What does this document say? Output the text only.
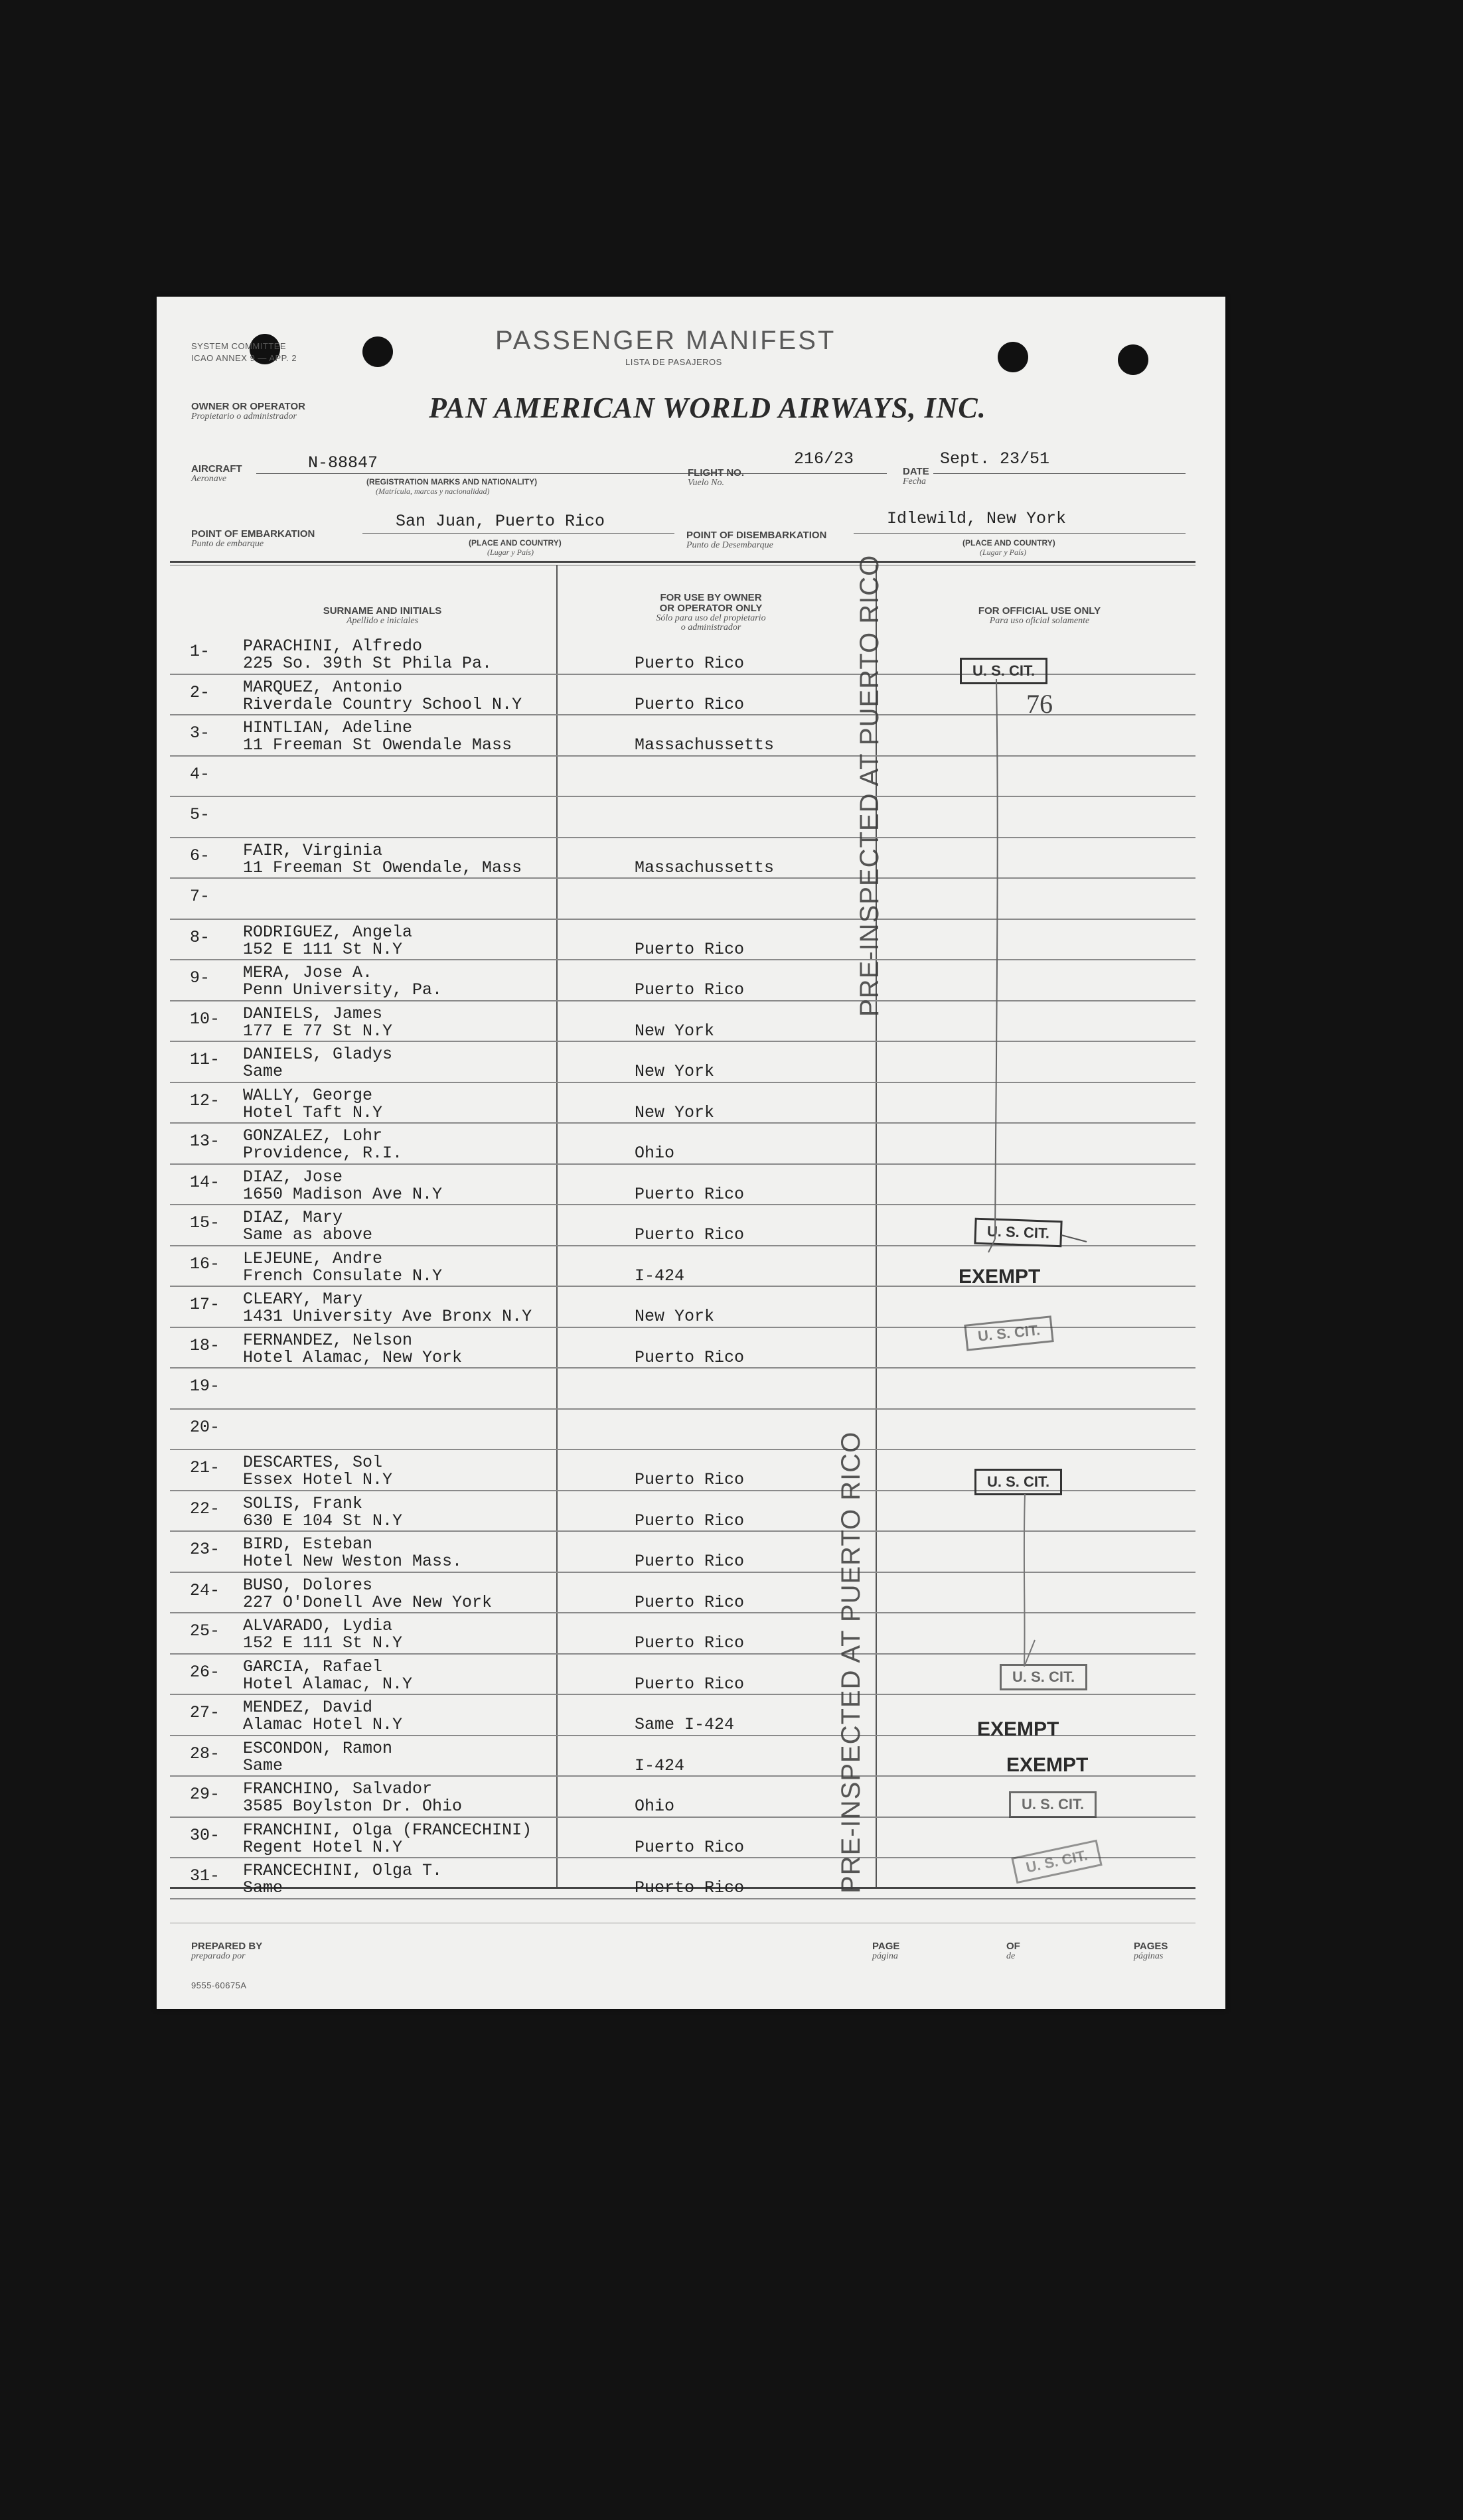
SYSTEM COMMITTEE
ICAO ANNEX 9 — APP. 2
PASSENGER MANIFEST
LISTA DE PASAJEROS
PAN AMERICAN WORLD AIRWAYS, INC.
OWNER OR OPERATOR
Propietario o administrador
AIRCRAFT
Aeronave
N-88847
(REGISTRATION MARKS AND NATIONALITY)
(Matrícula, marcas y nacionalidad)
FLIGHT NO.
Vuelo No.
216/23
DATE
Fecha
Sept. 23/51
POINT OF EMBARKATION
Punto de embarque
San Juan, Puerto Rico
(PLACE AND COUNTRY)
(Lugar y País)
POINT OF DISEMBARKATION
Punto de Desembarque
Idlewild, New York
(PLACE AND COUNTRY)
(Lugar y País)
SURNAME AND INITIALS
Apellido e iniciales
FOR USE BY OWNER
OR OPERATOR ONLY
Sólo para uso del propietario
o administrador
FOR OFFICIAL USE ONLY
Para uso oficial solamente
1- PARACHINI, Alfredo
225 So. 39th St Phila Pa.	Puerto Rico
2- MARQUEZ, Antonio
Riverdale Country School N.Y	Puerto Rico
3- HINTLIAN, Adeline
11 Freeman St Owendale Mass	Massachussetts
4-
5-
6- FAIR, Virginia
11 Freeman St Owendale, Mass	Massachussetts
7-
8- RODRIGUEZ, Angela
152 E 111 St N.Y	Puerto Rico
9- MERA, Jose A.
Penn University, Pa.	Puerto Rico
10- DANIELS, James
177 E 77 St N.Y	New York
11- DANIELS, Gladys
Same	New York
12- WALLY, George
Hotel Taft N.Y	New York
13- GONZALEZ, Lohr
Providence, R.I.	Ohio
14- DIAZ, Jose
1650 Madison Ave N.Y	Puerto Rico
15- DIAZ, Mary
Same as above	Puerto Rico
16- LEJEUNE, Andre
French Consulate N.Y	I-424
17- CLEARY, Mary
1431 University Ave Bronx N.Y	New York
18- FERNANDEZ, Nelson
Hotel Alamac, New York	Puerto Rico
19-
20-
21- DESCARTES, Sol
Essex Hotel N.Y	Puerto Rico
22- SOLIS, Frank
630 E 104 St N.Y	Puerto Rico
23- BIRD, Esteban
Hotel New Weston Mass.	Puerto Rico
24- BUSO, Dolores
227 O'Donell Ave New York	Puerto Rico
25- ALVARADO, Lydia
152 E 111 St N.Y	Puerto Rico
26- GARCIA, Rafael
Hotel Alamac, N.Y	Puerto Rico
27- MENDEZ, David
Alamac Hotel N.Y	Same I-424
28- ESCONDON, Ramon
Same	I-424
29- FRANCHINO, Salvador
3585 Boylston Dr. Ohio	Ohio
30- FRANCHINI, Olga (FRANCECHINI)
Regent Hotel N.Y	Puerto Rico
31- FRANCECHINI, Olga T.
Same	Puerto Rico
PRE-INSPECTED AT PUERTO RICO
PRE-INSPECTED AT PUERTO RICO
U. S. CIT.
76
U. S. CIT.
EXEMPT
U. S. CIT.
U. S. CIT.
U. S. CIT.
EXEMPT
EXEMPT
U. S. CIT.
U. S. CIT.
PREPARED BY
preparado por
PAGE
página
OF
de
PAGES
páginas
9555-60675A
